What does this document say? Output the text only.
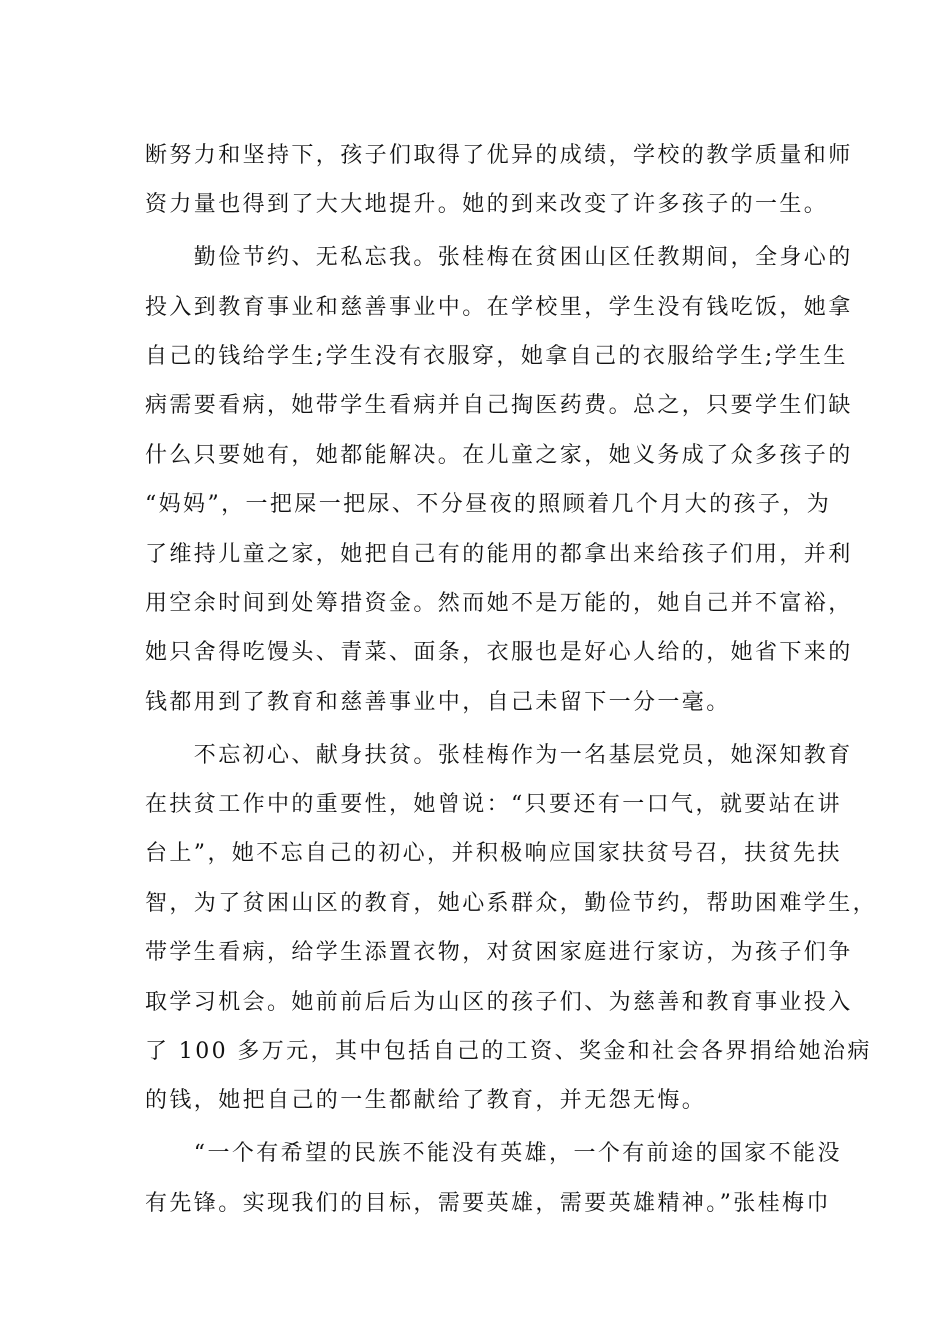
断努力和坚持下，孩子们取得了优异的成绩，学校的教学质量和师
资力量也得到了大大地提升。她的到来改变了许多孩子的一生。
　　勤俭节约、无私忘我。张桂梅在贫困山区任教期间，全身心的
投入到教育事业和慈善事业中。在学校里，学生没有钱吃饭，她拿
自己的钱给学生;学生没有衣服穿，她拿自己的衣服给学生;学生生
病需要看病，她带学生看病并自己掏医药费。总之，只要学生们缺
什么只要她有，她都能解决。在儿童之家，她义务成了众多孩子的
“妈妈”，一把屎一把尿、不分昼夜的照顾着几个月大的孩子，为
了维持儿童之家，她把自己有的能用的都拿出来给孩子们用，并利
用空余时间到处筹措资金。然而她不是万能的，她自己并不富裕，
她只舍得吃馒头、青菜、面条，衣服也是好心人给的，她省下来的
钱都用到了教育和慈善事业中，自己未留下一分一毫。
　　不忘初心、献身扶贫。张桂梅作为一名基层党员，她深知教育
在扶贫工作中的重要性，她曾说：“只要还有一口气，就要站在讲
台上”，她不忘自己的初心，并积极响应国家扶贫号召，扶贫先扶
智，为了贫困山区的教育，她心系群众，勤俭节约，帮助困难学生，
带学生看病，给学生添置衣物，对贫困家庭进行家访，为孩子们争
取学习机会。她前前后后为山区的孩子们、为慈善和教育事业投入
了 100 多万元，其中包括自己的工资、奖金和社会各界捐给她治病
的钱，她把自己的一生都献给了教育，并无怨无悔。
　　“一个有希望的民族不能没有英雄，一个有前途的国家不能没
有先锋。实现我们的目标，需要英雄，需要英雄精神。”张桂梅巾
